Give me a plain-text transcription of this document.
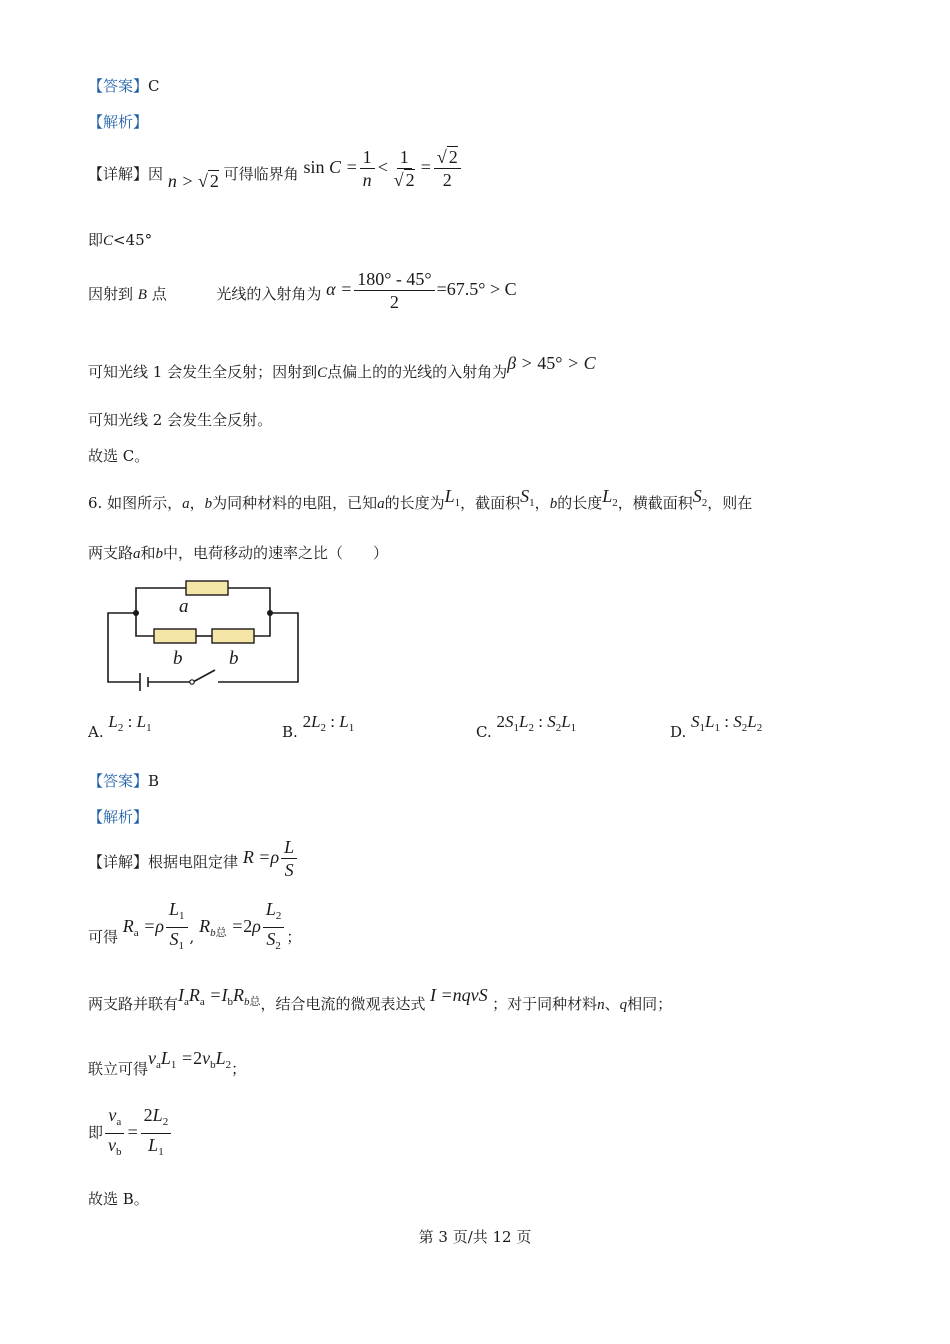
【答案】C
【解析】
【详解】因 n > √ 2 可得临界角 $\sin C = \frac{1}{n} < \frac{1}{√ 2} = \frac{√ 2}{2}$
即C<45°
因射到 B 点	光线的入射角为 $\alpha = \frac{180^\circ - 45^\circ}{2} =67.5^\circ > C$
可知光线 1 会发生全反射；因射到C点偏上的的光线的入射角为β > 45° > C
可知光线 2 会发生全反射。
故选 C。
6. 如图所示，a，b为同种材料的电阻，已知a的长度为$L_1$，截面积$S_1$，b的长度$L_2$，横截面积$S_2$，则在
两支路a和b中，电荷移动的速率之比（　　）
a
b b
A. $L_2$ : $L_1$	B. $2L_2$ : $L_1$	C. $2S_1L_2$ : $S_2L_1$	D. $S_1L_1$ : $S_2L_2$
【答案】B
【解析】
【详解】根据电阻定律 $R =\rho \frac{L}{S}$
可得 $R_a =\rho \frac{L_1}{S_1}$ , $R_{b总} =2\rho \frac{L_2}{S_2}$ ；
两支路并联有$I_aR_a =I_bR_{b总}$，结合电流的微观表达式 I =nqvS ；对于同种材料n、q相同；
联立可得$v_aL_1 =2v_bL_2$；
即 $\frac{v_a}{v_b} = \frac{2L_2}{L_1}$
故选 B。
第 3 页/共 12 页
